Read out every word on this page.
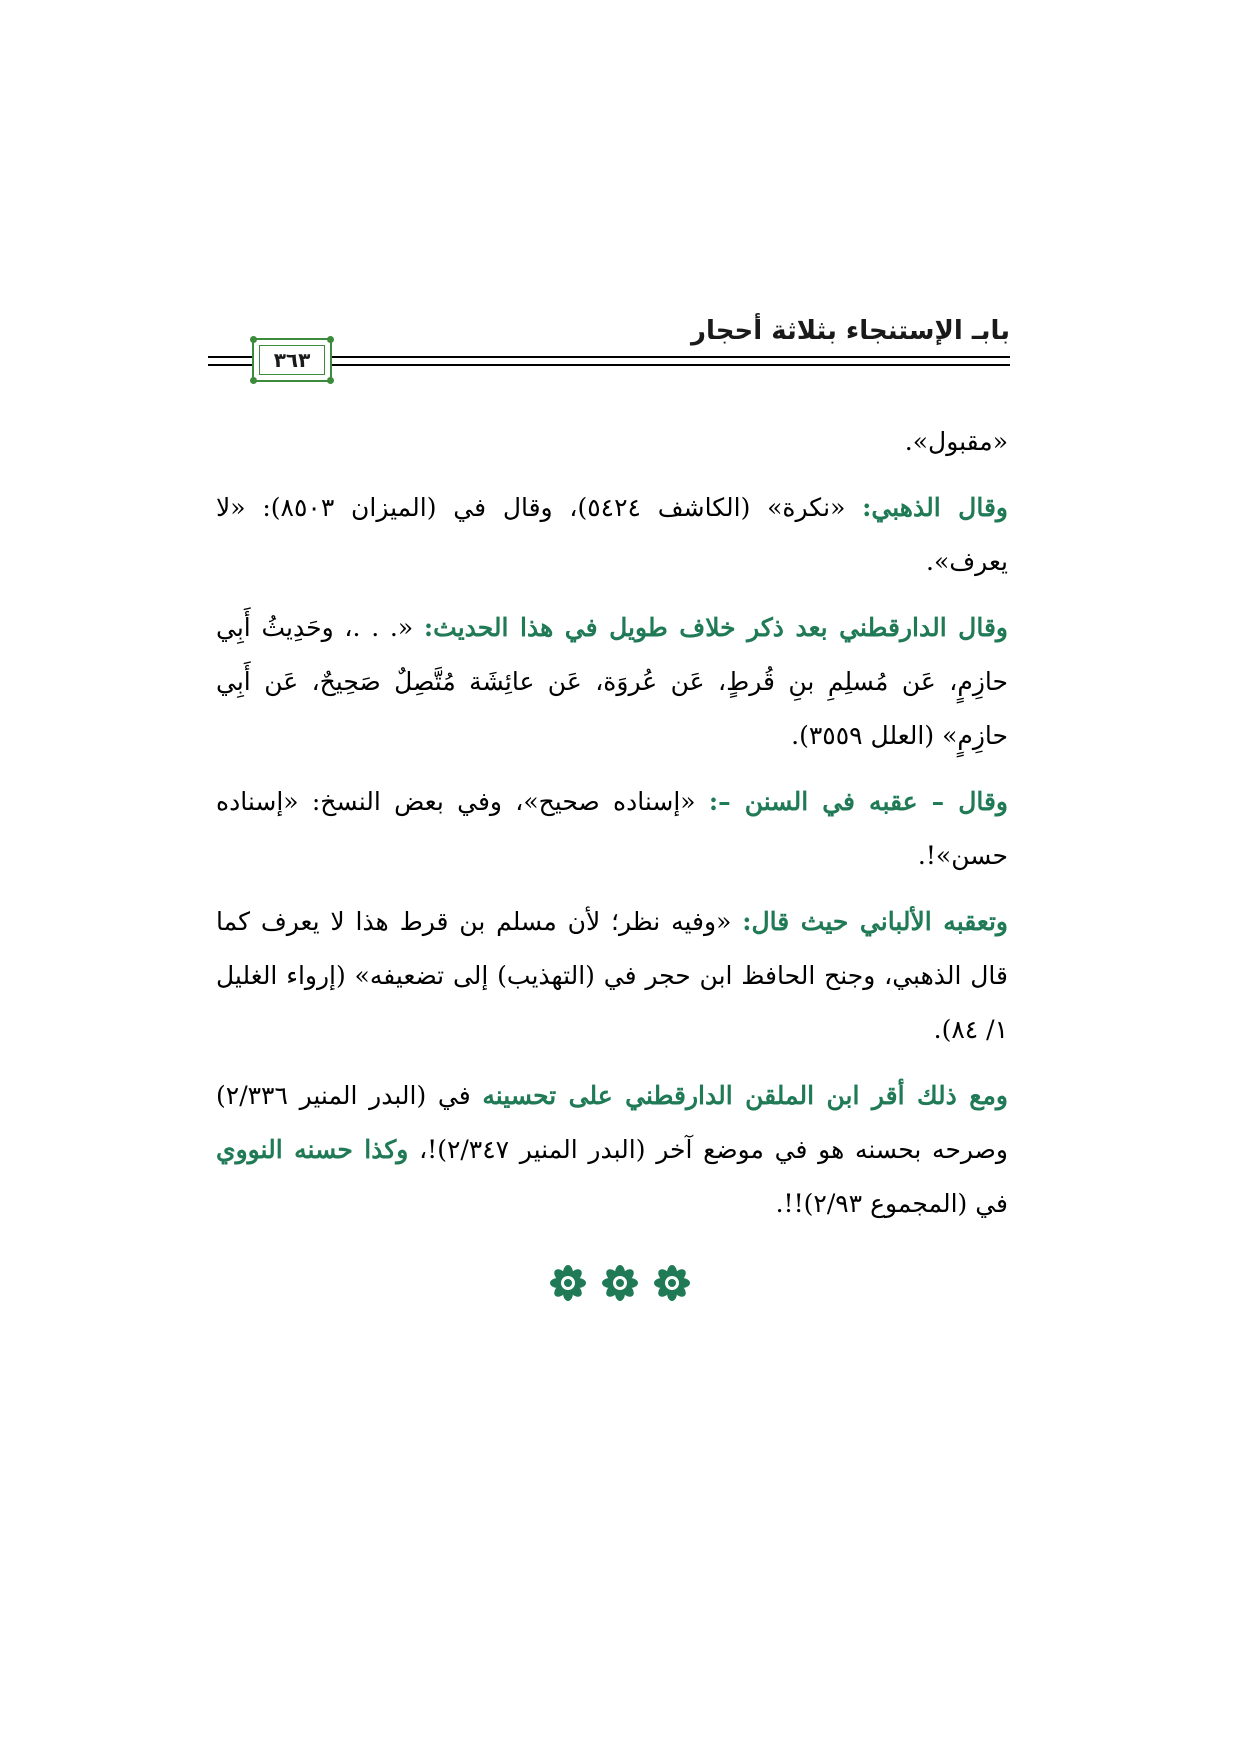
بابـ الإستنجاء بثلاثة أحجار
٣٦٣

«مقبول».

وقال الذهبي: «نكرة» (الكاشف ٥٤٢٤)، وقال في (الميزان ٨٥٠٣): «لا يعرف».

وقال الدارقطني بعد ذكر خلاف طويل في هذا الحديث: «. . .، وحَدِيثُ أَبِي حازِمٍ، عَن مُسلِمِ بنِ قُرطٍ، عَن عُروَة، عَن عائِشَة مُتَّصِلٌ صَحِيحٌ، عَن أَبِي حازِمٍ» (العلل ٣٥٥٩).

وقال – عقبه في السنن –: «إسناده صحيح»، وفي بعض النسخ: «إسناده حسن»!.

وتعقبه الألباني حيث قال: «وفيه نظر؛ لأن مسلم بن قرط هذا لا يعرف كما قال الذهبي، وجنح الحافظ ابن حجر في (التهذيب) إلى تضعيفه» (إرواء الغليل ١/ ٨٤).

ومع ذلك أقر ابن الملقن الدارقطني على تحسينه في (البدر المنير ٢/٣٣٦) وصرحه بحسنه هو في موضع آخر (البدر المنير ٢/٣٤٧)!، وكذا حسنه النووي في (المجموع ٢/٩٣)!!.
